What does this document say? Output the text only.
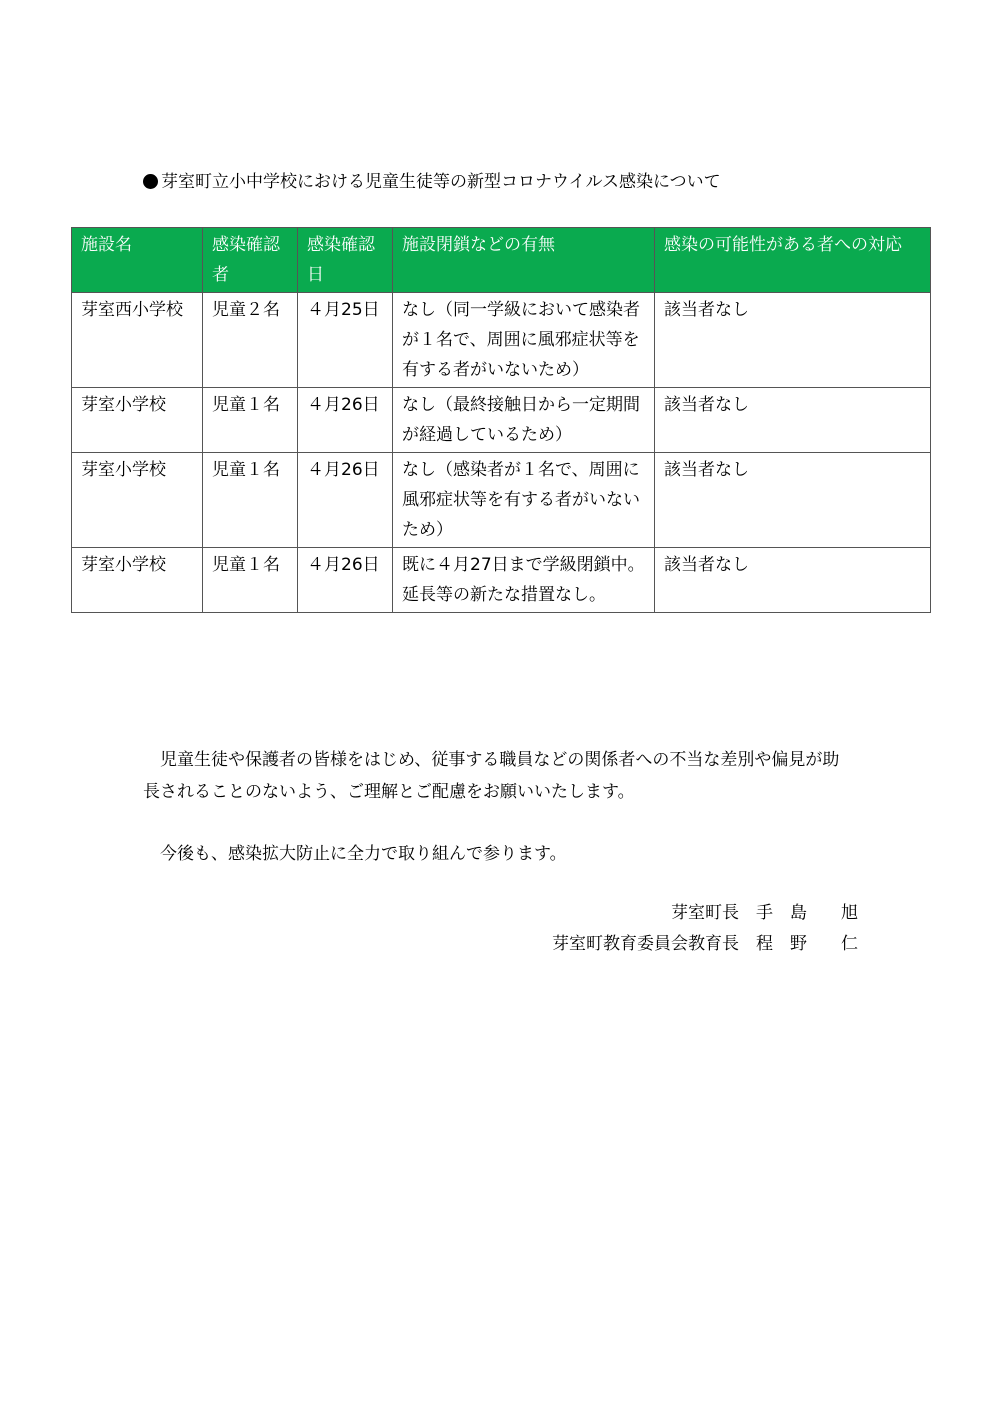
芽室町立小中学校における児童生徒等の新型コロナウイルス感染について
施設名	感染確認者	感染確認日	施設閉鎖などの有無	感染の可能性がある者への対応
芽室西小学校	児童２名	４月25日	なし（同一学級において感染者が１名で、周囲に風邪症状等を有する者がいないため）	該当者なし
芽室小学校	児童１名	４月26日	なし（最終接触日から一定期間が経過しているため）	該当者なし
芽室小学校	児童１名	４月26日	なし（感染者が１名で、周囲に風邪症状等を有する者がいないため）	該当者なし
芽室小学校	児童１名	４月26日	既に４月27日まで学級閉鎖中。延長等の新たな措置なし。	該当者なし
児童生徒や保護者の皆様をはじめ、従事する職員などの関係者への不当な差別や偏見が助
長されることのないよう、ご理解とご配慮をお願いいたします。
今後も、感染拡大防止に全力で取り組んで参ります。
芽室町長　手　島　　旭
芽室町教育委員会教育長　程　野　　仁
